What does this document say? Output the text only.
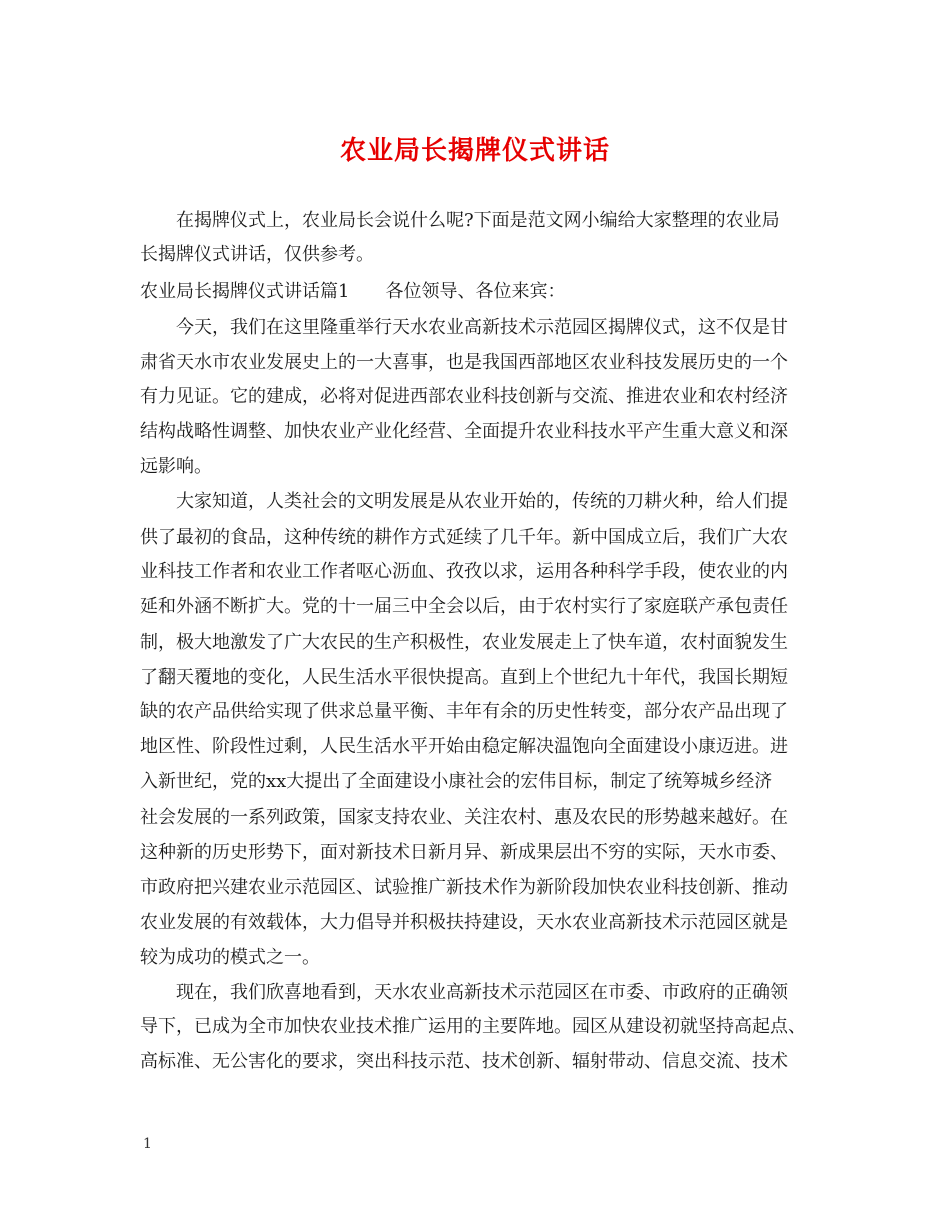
农业局长揭牌仪式讲话
在揭牌仪式上，农业局长会说什么呢?下面是范文网小编给大家整理的农业局
长揭牌仪式讲话，仅供参考。
农业局长揭牌仪式讲话篇1　　各位领导、各位来宾：
今天，我们在这里隆重举行天水农业高新技术示范园区揭牌仪式，这不仅是甘
肃省天水市农业发展史上的一大喜事，也是我国西部地区农业科技发展历史的一个
有力见证。它的建成，必将对促进西部农业科技创新与交流、推进农业和农村经济
结构战略性调整、加快农业产业化经营、全面提升农业科技水平产生重大意义和深
远影响。
大家知道，人类社会的文明发展是从农业开始的，传统的刀耕火种，给人们提
供了最初的食品，这种传统的耕作方式延续了几千年。新中国成立后，我们广大农
业科技工作者和农业工作者呕心沥血、孜孜以求，运用各种科学手段，使农业的内
延和外涵不断扩大。党的十一届三中全会以后，由于农村实行了家庭联产承包责任
制，极大地激发了广大农民的生产积极性，农业发展走上了快车道，农村面貌发生
了翻天覆地的变化，人民生活水平很快提高。直到上个世纪九十年代，我国长期短
缺的农产品供给实现了供求总量平衡、丰年有余的历史性转变，部分农产品出现了
地区性、阶段性过剩，人民生活水平开始由稳定解决温饱向全面建设小康迈进。进
入新世纪，党的xx大提出了全面建设小康社会的宏伟目标，制定了统筹城乡经济
社会发展的一系列政策，国家支持农业、关注农村、惠及农民的形势越来越好。在
这种新的历史形势下，面对新技术日新月异、新成果层出不穷的实际，天水市委、
市政府把兴建农业示范园区、试验推广新技术作为新阶段加快农业科技创新、推动
农业发展的有效载体，大力倡导并积极扶持建设，天水农业高新技术示范园区就是
较为成功的模式之一。
现在，我们欣喜地看到，天水农业高新技术示范园区在市委、市政府的正确领
导下，已成为全市加快农业技术推广运用的主要阵地。园区从建设初就坚持高起点、
高标准、无公害化的要求，突出科技示范、技术创新、辐射带动、信息交流、技术
1
